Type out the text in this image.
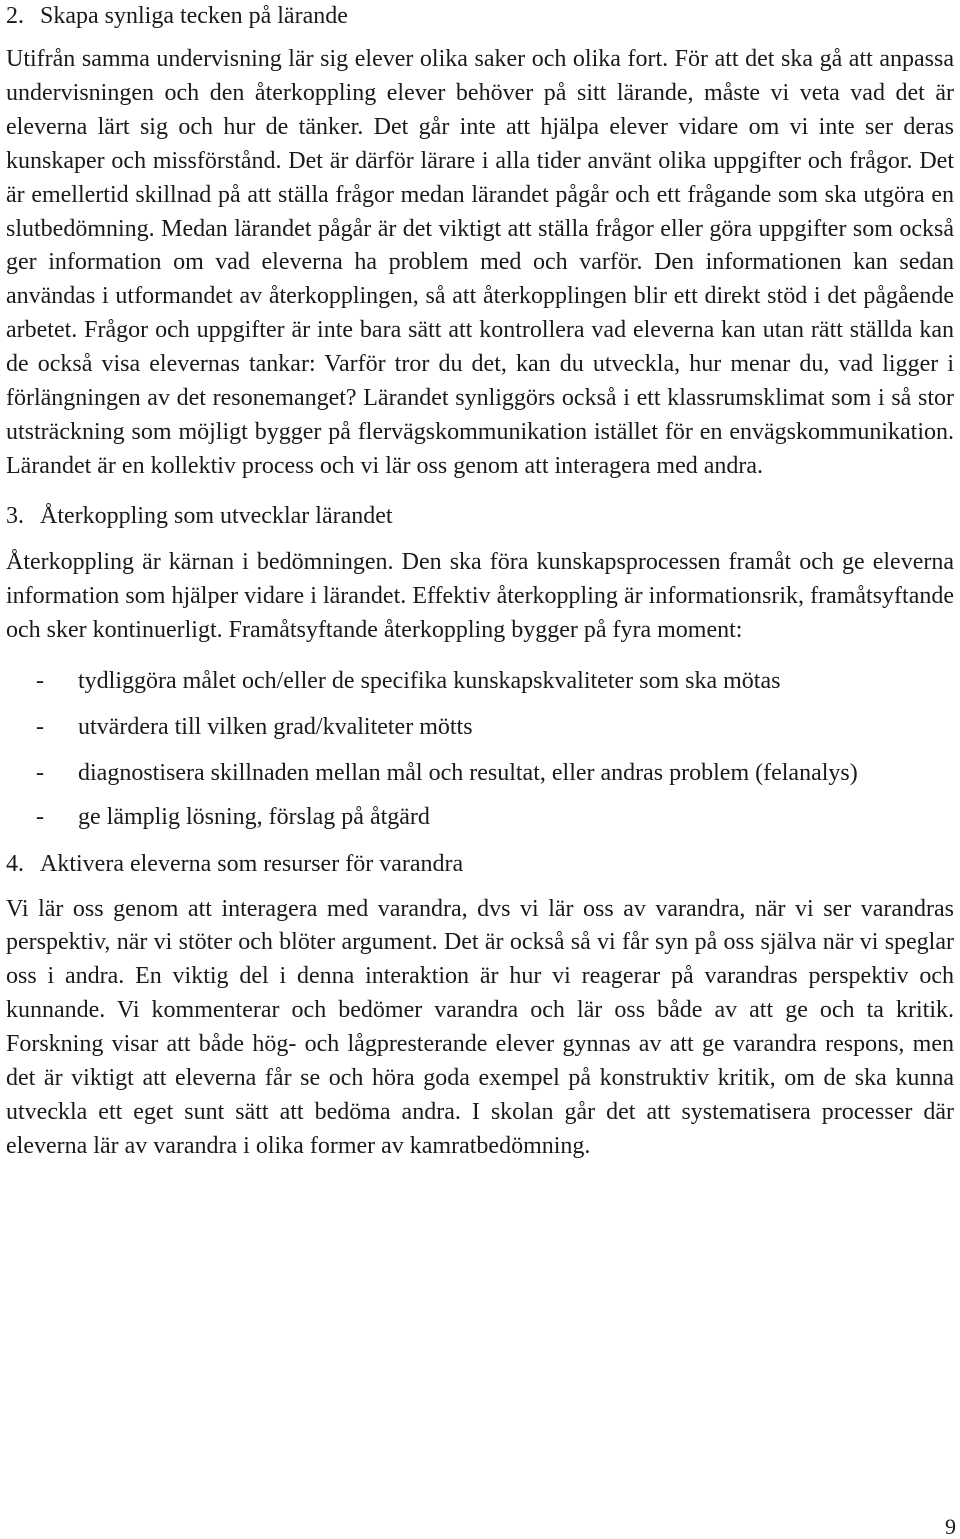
2. Skapa synliga tecken på lärande

Utifrån samma undervisning lär sig elever olika saker och olika fort. För att det ska gå att anpassa undervisningen och den återkoppling elever behöver på sitt lärande, måste vi veta vad det är eleverna lärt sig och hur de tänker. Det går inte att hjälpa elever vidare om vi inte ser deras kunskaper och missförstånd. Det är därför lärare i alla tider använt olika uppgifter och frågor. Det är emellertid skillnad på att ställa frågor medan lärandet pågår och ett frågande som ska utgöra en slutbedömning. Medan lärandet pågår är det viktigt att ställa frågor eller göra uppgifter som också ger information om vad eleverna ha problem med och varför. Den informationen kan sedan användas i utformandet av återkopplingen, så att återkopplingen blir ett direkt stöd i det pågående arbetet. Frågor och uppgifter är inte bara sätt att kontrollera vad eleverna kan utan rätt ställda kan de också visa elevernas tankar: Varför tror du det, kan du utveckla, hur menar du, vad ligger i förlängningen av det resonemanget? Lärandet synliggörs också i ett klassrumsklimat som i så stor utsträckning som möjligt bygger på flervägskommunikation istället för en envägskommunikation. Lärandet är en kollektiv process och vi lär oss genom att interagera med andra.

3. Återkoppling som utvecklar lärandet

Återkoppling är kärnan i bedömningen. Den ska föra kunskapsprocessen framåt och ge eleverna information som hjälper vidare i lärandet. Effektiv återkoppling är informationsrik, framåtsyftande och sker kontinuerligt. Framåtsyftande återkoppling bygger på fyra moment:

- tydliggöra målet och/eller de specifika kunskapskvaliteter som ska mötas
- utvärdera till vilken grad/kvaliteter mötts
- diagnostisera skillnaden mellan mål och resultat, eller andras problem (felanalys)
- ge lämplig lösning, förslag på åtgärd
4. Aktivera eleverna som resurser för varandra

Vi lär oss genom att interagera med varandra, dvs vi lär oss av varandra, när vi ser varandras perspektiv, när vi stöter och blöter argument. Det är också så vi får syn på oss själva när vi speglar oss i andra. En viktig del i denna interaktion är hur vi reagerar på varandras perspektiv och kunnande. Vi kommenterar och bedömer varandra och lär oss både av att ge och ta kritik. Forskning visar att både hög- och lågpresterande elever gynnas av att ge varandra respons, men det är viktigt att eleverna får se och höra goda exempel på konstruktiv kritik, om de ska kunna utveckla ett eget sunt sätt att bedöma andra. I skolan går det att systematisera processer där eleverna lär av varandra i olika former av kamratbedömning.

9
